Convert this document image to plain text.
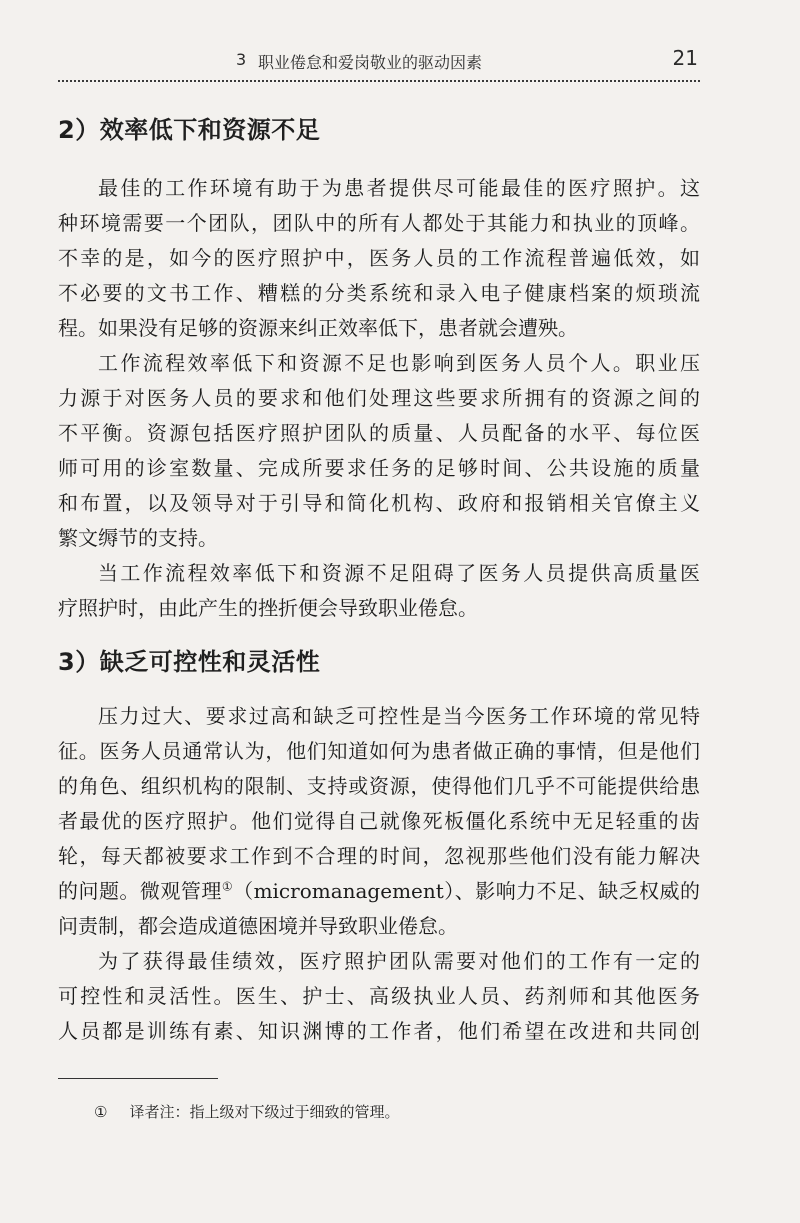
3 职业倦怠和爱岗敬业的驱动因素	21
2）效率低下和资源不足
最佳的工作环境有助于为患者提供尽可能最佳的医疗照护。这
种环境需要一个团队，团队中的所有人都处于其能力和执业的顶峰。
不幸的是，如今的医疗照护中，医务人员的工作流程普遍低效，如
不必要的文书工作、糟糕的分类系统和录入电子健康档案的烦琐流
程。如果没有足够的资源来纠正效率低下，患者就会遭殃。
工作流程效率低下和资源不足也影响到医务人员个人。职业压
力源于对医务人员的要求和他们处理这些要求所拥有的资源之间的
不平衡。资源包括医疗照护团队的质量、人员配备的水平、每位医
师可用的诊室数量、完成所要求任务的足够时间、公共设施的质量
和布置，以及领导对于引导和简化机构、政府和报销相关官僚主义
繁文缛节的支持。
当工作流程效率低下和资源不足阻碍了医务人员提供高质量医
疗照护时，由此产生的挫折便会导致职业倦怠。
3）缺乏可控性和灵活性
压力过大、要求过高和缺乏可控性是当今医务工作环境的常见特
征。医务人员通常认为，他们知道如何为患者做正确的事情，但是他们
的角色、组织机构的限制、支持或资源，使得他们几乎不可能提供给患
者最优的医疗照护。他们觉得自己就像死板僵化系统中无足轻重的齿
轮，每天都被要求工作到不合理的时间，忽视那些他们没有能力解决
的问题。微观管理①（micromanagement）、影响力不足、缺乏权威的
问责制，都会造成道德困境并导致职业倦怠。
为了获得最佳绩效，医疗照护团队需要对他们的工作有一定的
可控性和灵活性。医生、护士、高级执业人员、药剂师和其他医务
人员都是训练有素、知识渊博的工作者，他们希望在改进和共同创
① 译者注：指上级对下级过于细致的管理。
